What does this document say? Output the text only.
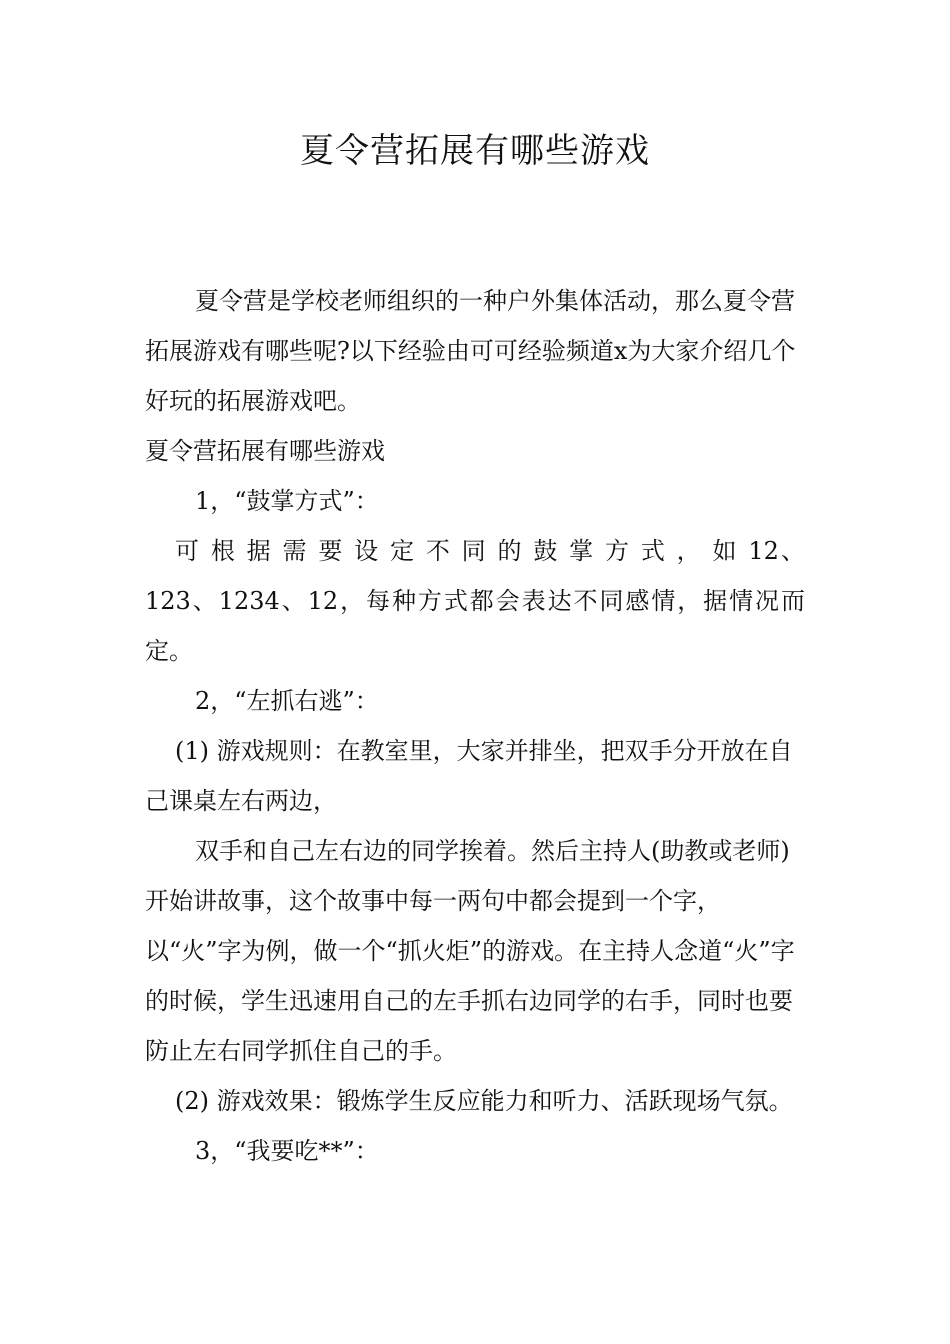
夏令营拓展有哪些游戏

夏令营是学校老师组织的一种户外集体活动，那么夏令营拓展游戏有哪些呢?以下经验由可可经验频道x为大家介绍几个好玩的拓展游戏吧。

夏令营拓展有哪些游戏

1，“鼓掌方式”：

可 根 据 需 要 设 定 不 同 的 鼓 掌 方 式 ， 如 12、123、1234、12，每种方式都会表达不同感情，据情况而定。

2，“左抓右逃”：

(1) 游戏规则：在教室里，大家并排坐，把双手分开放在自己课桌左右两边，

双手和自己左右边的同学挨着。然后主持人(助教或老师)开始讲故事，这个故事中每一两句中都会提到一个字，以“火”字为例，做一个“抓火炬”的游戏。在主持人念道“火”字的时候，学生迅速用自己的左手抓右边同学的右手，同时也要防止左右同学抓住自己的手。

(2) 游戏效果：锻炼学生反应能力和听力、活跃现场气氛。

3，“我要吃**”：
